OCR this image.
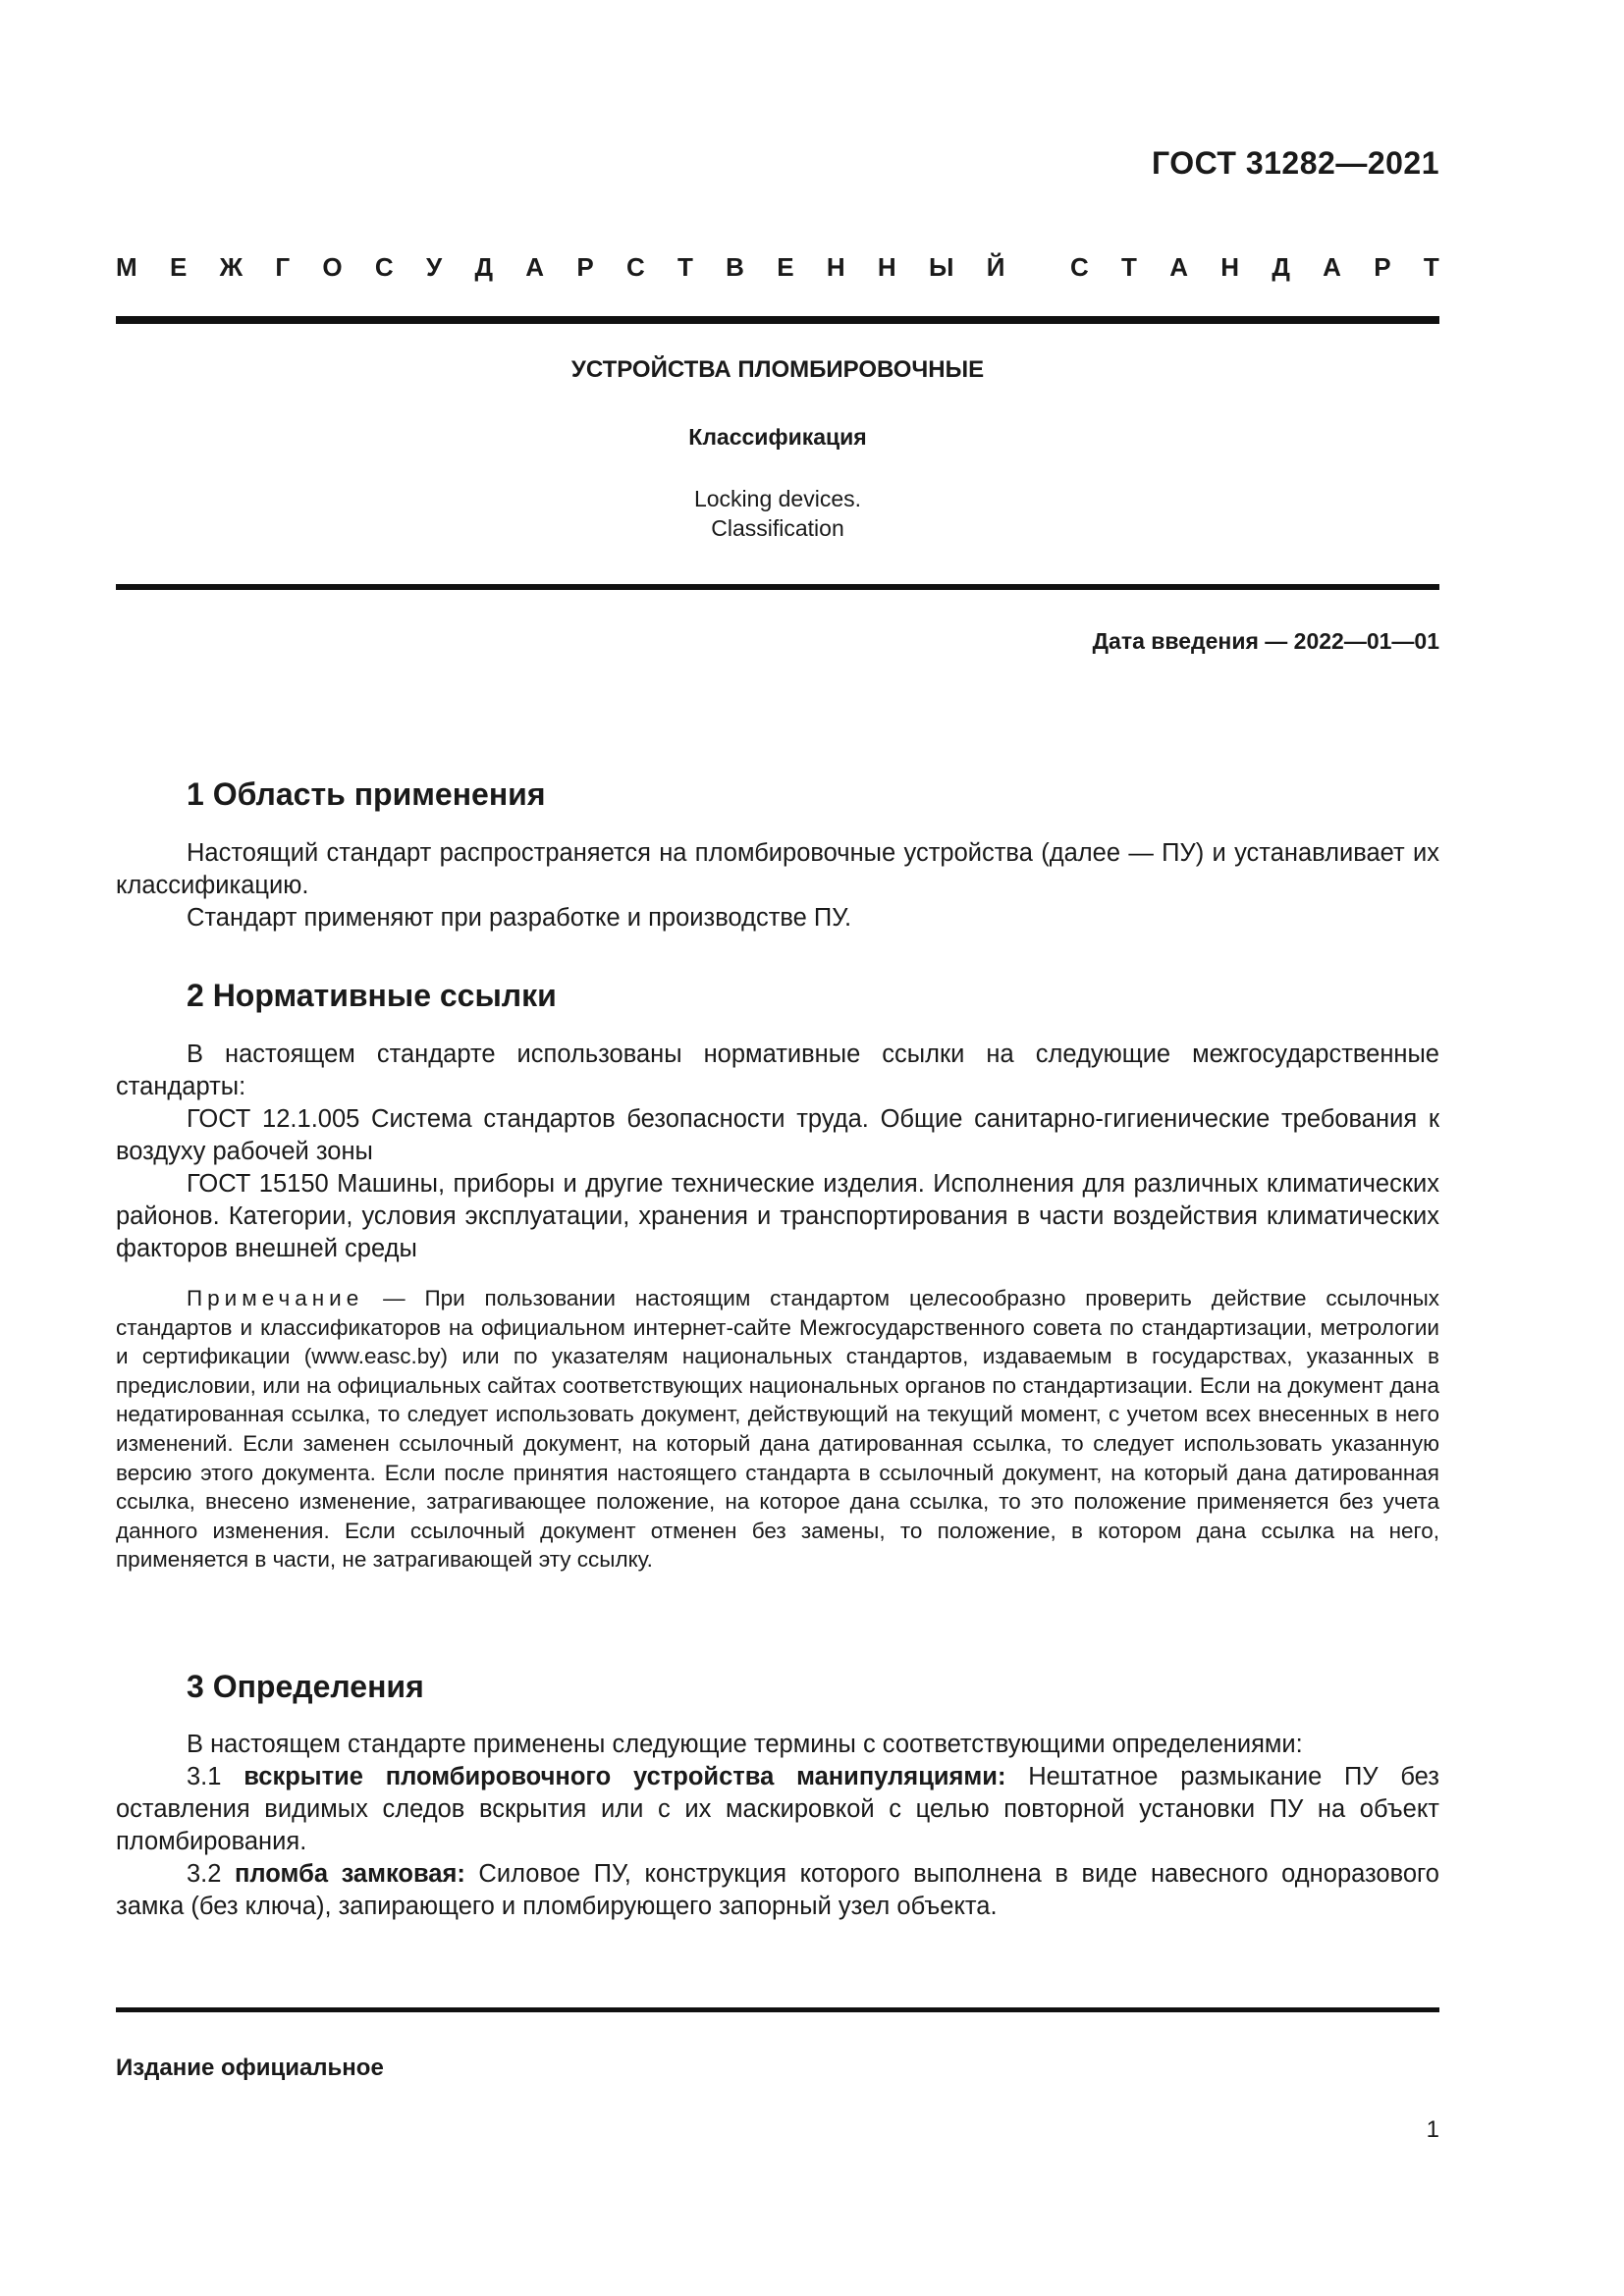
ГОСТ 31282—2021
М Е Ж Г О С У Д А Р С Т В Е Н Н Ы Й	С Т А Н Д А Р Т
УСТРОЙСТВА ПЛОМБИРОВОЧНЫЕ
Классификация
Locking devices.
Classification
Дата введения — 2022—01—01
1 Область применения

Настоящий стандарт распространяется на пломбировочные устройства (далее — ПУ) и устанавливает их классификацию.

Стандарт применяют при разработке и производстве ПУ.

2 Нормативные ссылки

В настоящем стандарте использованы нормативные ссылки на следующие межгосударственные стандарты:

ГОСТ 12.1.005 Система стандартов безопасности труда. Общие санитарно-гигиенические требования к воздуху рабочей зоны

ГОСТ 15150 Машины, приборы и другие технические изделия. Исполнения для различных климатических районов. Категории, условия эксплуатации, хранения и транспортирования в части воздействия климатических факторов внешней среды

Примечание — При пользовании настоящим стандартом целесообразно проверить действие ссылочных стандартов и классификаторов на официальном интернет-сайте Межгосударственного совета по стандартизации, метрологии и сертификации (www.easc.by) или по указателям национальных стандартов, издаваемым в государствах, указанных в предисловии, или на официальных сайтах соответствующих национальных органов по стандартизации. Если на документ дана недатированная ссылка, то следует использовать документ, действующий на текущий момент, с учетом всех внесенных в него изменений. Если заменен ссылочный документ, на который дана датированная ссылка, то следует использовать указанную версию этого документа. Если после принятия настоящего стандарта в ссылочный документ, на который дана датированная ссылка, внесено изменение, затрагивающее положение, на которое дана ссылка, то это положение применяется без учета данного изменения. Если ссылочный документ отменен без замены, то положение, в котором дана ссылка на него, применяется в части, не затрагивающей эту ссылку.

3 Определения

В настоящем стандарте применены следующие термины с соответствующими определениями:

3.1 вскрытие пломбировочного устройства манипуляциями: Нештатное размыкание ПУ без оставления видимых следов вскрытия или с их маскировкой с целью повторной установки ПУ на объект пломбирования.

3.2 пломба замковая: Силовое ПУ, конструкция которого выполнена в виде навесного одноразового замка (без ключа), запирающего и пломбирующего запорный узел объекта.

Издание официальное
1
